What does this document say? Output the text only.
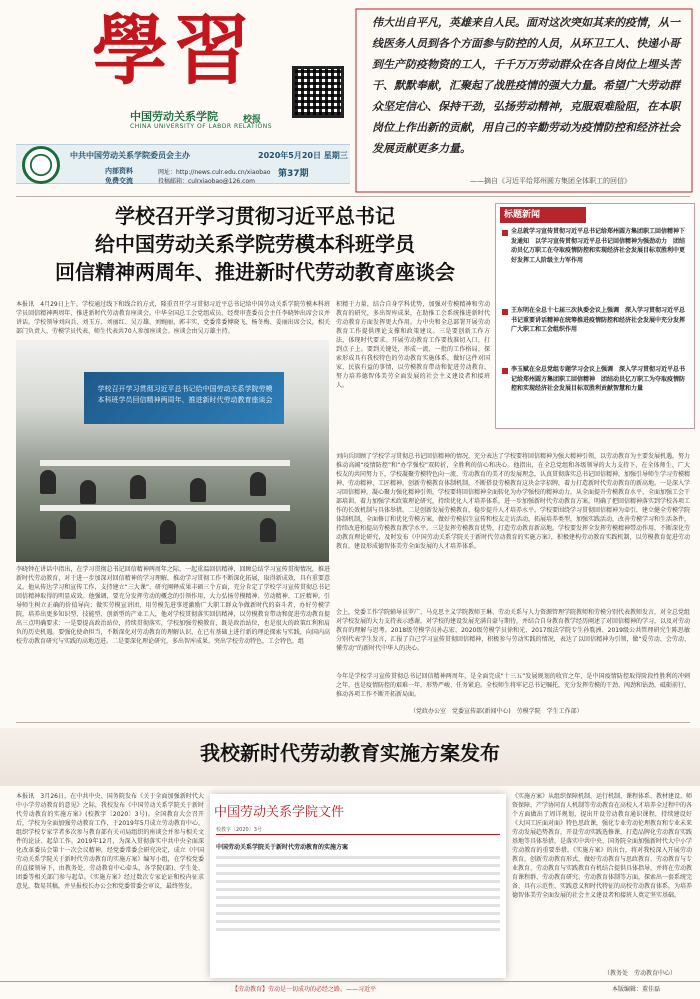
學習
中国劳动关系学院
CHINA UNIVERSITY OF LABOR RELATIONS
校报
伟大出自平凡，英雄来自人民。面对这次突如其来的疫情，从一线医务人员到各个方面参与防控的人员，从环卫工人、快递小哥到生产防疫物资的工人，千千万万劳动群众在各自岗位上埋头苦干、默默奉献，汇聚起了战胜疫情的强大力量。希望广大劳动群众坚定信心、保持干劲，弘扬劳动精神，克服艰难险阻，在本职岗位上作出新的贡献，用自己的辛勤劳动为疫情防控和经济社会发展贡献更多力量。
——摘自《习近平给郑州圆方集团全体职工的回信》
中共中国劳动关系学院委员会主办	2020年5月20日 星期三
内部资料
免费交流
网址：http://news.culr.edu.cn/xiaobao
投稿邮箱：culrxiaobao@126.com
第37期
学校召开学习贯彻习近平总书记
给中国劳动关系学院劳模本科班学员
回信精神两周年、推进新时代劳动教育座谈会
本报讯　4月29日上午，学校通过线下和线合的方式，隆重召开学习贯彻习近平总书记给中国劳动关系学院劳模本科班学员回信精神两周年、推进新时代劳动教育座谈会。中华全国总工会党组成员、经费审查委员会主任李晓钟出席会议并讲话。学校领导刘向兵、刘玉方、刘丽红、吴万雄、刘婉丽、郭丰实，党委常委傅晓飞、杨冬梅、姜丽出席会议，相关部门负责人、劳模学员代表、师生代表共70人参加座谈会。座谈会由吴万雄主持。
积精于力量，结合自身学科优势，加强对劳模精神和劳动教育的研究，多出智库成果，在助推工会系统推进新时代劳动教育方面发挥更大作用。力中央和全总部署开展劳动教育工作提供理论支撑和政策建议。三是要创新工作方法，体现时代要求。开展劳动教育工作要找准切入口，打到点子上。要到关键处，形成一流、一批的工作格局，探索形成具有我校特色的劳动教育实施体系，做好这件对国家、民族有益的事情，以劳模教育带动和促进劳动教育，努力培养德智体美劳全面发展的社会主义建设者和接班人。
学校召开学习贯彻习近平总书记给中国劳动关系学院劳模本科班学员回信精神两周年、推进新时代劳动教育座谈会
标题新闻
全总就学习宣传贯彻习近平总书记给郑州圆方集团职工回信精神下发通知　以学习宣传贯彻习近平总书记回信精神为强劲动力　团结动员亿万职工在夺取疫情防控和实现经济社会发展目标双胜利中更好发挥工人阶级主力军作用
王东明在全总十七届三次执委会议上强调　深入学习贯彻习近平总书记重要讲话精神在统筹推进疫情防控和经济社会发展中充分发挥广大职工和工会组织作用
李玉赋在全总党组专题学习会议上强调　深入学习贯彻习近平总书记给郑州圆方集团职工回信精神　团结动员亿万职工为夺取疫情防控和实现经济社会发展目标双胜利贡献智慧和力量
刘向兵回顾了学校学习贯彻总书记回信精神的情况，充分表达了学校要将回信精神为强大精神引领，以劳动教育为主要发展机遇，努力推动高阔“疫情防控”和“办学强校”双转折，全胜利的信心和决心。他指出，在全总党组和各级领导的大力支持下，在全体师生、广大校友的共同努力下，学校凝聚劳模特色向一流、劳动教育的美才的发展理念，认真贯彻落实总书记回信精神，加强引导师生学习劳模精神、劳动精神、工匠精神，创新劳模教育体制机制，不断搭设劳模教育这块金字招牌，着力打造新时代劳动教育的新高地。一是深入学习回信精神，凝心聚力强化精神引领，学校要将回信精神全面转化为办学强校的精神动力，从全面提升劳模教育水平、全面加强工会干部培训、着力加强学术政策理论研究，持续优化人才培养体系，进一步加强新时代劳动教育方案，明确了把回信精神落实到学校各项工作的长效机制与具体举措。二是创新发展劳模教育，稳步提升人才培养水平。学校要围绕学习贯彻回信精神为牵引，建立健全劳模学院体制机制，全面修订和优化劳模方案，做好劳模招生宣传和校友走访活动，拓展培养类型，加强实践活动，改善劳模学习和生活条件，持续改进和提高劳模教育教学水平。三是发挥劳模教育优势，打造劳动教育新高地。学校要发挥全发挥劳模精神带动作用，不断深化劳动教育理论研究，及时发布《中国劳动关系学院关于新时代劳动教育的实施方案》，积极建构劳动教育实践机制，以劳模教育促进劳动教育，建设形成德智体美劳全面发展的人才培养体系。
会上，党委工作学院辅导员罗广、马克思主义学院教师王琳、劳动关系与人力资源管理学院教师和劳模分别代表教师发言，对全总党组对学校发展的大力支持表示感谢，对学校的建设发展充满自豪与期待，并结合自身教育教学经历阐述了对回信精神的学习，以及对劳动教育的理解与思考。2018级劳模学员孙志宏、2020级劳模学员徐和光、2017级法学院专生孙胤洲、2019级公共管理研究生陈思敏分别代表学生发言，汇报了自己学习宣传贯彻回信精神，积极参与劳动实践的情况，表达了以回信精神为引领，做“爱劳动、会劳动、懂劳动”的新时代中华人的决心。
今年是学校学习宣传贯彻总书记回信精神两周年，是全面完成“十三五”发展规划的收官之年，是中国疫情防控取得阶段性胜利的冲刺之年，也是疫情防控的艰难一年，形势严峻、任务紧迫。全校师生将牢记总书记嘱托，充分发挥劳模的干劲、闯劲和钻劲，砥砺前行，推动各项工作不断开拓新局面。
李晓钟在讲话中指出，在学习贯彻总书记回信精神两周年之际，一起重温回信精神，回顾总结学习宣传贯彻情况，推进新时代劳动教育，对于进一步加深对回信精神的学习理解，推动学习贯彻工作不断深化拓展，取得新成效，具有重要意义。他从传达学习和宣传工作，支持建立“三大课”、研究阐释成果丰硕三个方面，充分肯定了学校学习宣传贯彻总书记回信精神取得的明显成效。他强调，要充分发挥劳动的概念的引领作用，大力弘扬劳模精神、劳动精神、工匠精神，引导师生树立正确的价值导向；做实劳模宣讲团，用劳模先进事迹激励广大职工群众争做新时代的奋斗者，办好劳模学院，培养出更多知识型、技能型、创新型的产业工人，他对学校贯彻落实回信精神，以劳模教育带动和促进劳动教育提出三点明确要求：一是要提高政治站位，持续贯彻落实，学校加强劳模教育，既是政治站位，也是很大的政策红利和肩负的历史机遇。要强化使命担当，不断深化对劳动教育的理解认识，在已有基础上进行新的理论探索与实践，向国内高校劳动教育研究与实践的高地迈进。二是要深化理论研究，多出智库成果。突出学校劳动特色，工会特色，组
（党政办公室　党委宣传部(新闻中心)　劳模学院　学生工作部）
我校新时代劳动教育实施方案发布
本报讯　3月26日，在中共中央、国务院发布《关于全面加强新时代大中小学劳动教育的意见》之际，我校发布《中国劳动关系学院关于新时代劳动教育的实施方案》(校教字〔2020〕3号)。全国教育大会召开后，学校为全面加强劳动教育工作，于2019年5月成立劳动教育中心，组织学校专家学者多次参与教育部有关司局组织的座谈会并参与相关文件的论证、起草工作。2019年12月，为深入贯彻落实中共中央全面深化改革委员会第十一次会议精神，经党委常委会研究决定，成立《中国劳动关系学院关于新时代劳动教育的实施方案》编写小组，在学校党委的直接领导下，由教务处、劳动教育中心牵头，各学院(部)、学生处、团委等相关部门参与起草。《实施方案》经过数次专家论证和校内征求意见，数易其稿，并呈报校长办公会和党委常委会审议，最终签发。
《实施方案》从组织保障机制、运行机制、课程体系、教材建设、师资保障、产学协同育人机制等劳动教育在高校人才培养全过程中的各个方面做出了周详规划，提出开设劳动教育通识课程，持续建设好《大国工匠面对面》特色思政课，强化专业劳动伦理教育和专业未来劳动发展趋势教育，开设劳动实践选修课，打造品牌化劳动教育实践基地等具体举措，是落实中共中央、国务院全面加强新时代大中小学劳动教育的重要举措。《实施方案》的出台，将对我校深入开展劳动教育，创新劳动教育形式，做好劳动教育与思政教育、劳动教育与专业教育、劳动教育与实践教育有机结合提供具体指导，并将在劳动教育课程群、劳动教育研究、劳动教育体制等方面，探索出一套系统完备、具有示范性、实践意义和时代特征的高校劳动教育体系，为培养德智体美劳全面发展的社会主义建设者和接班人奠定坚实基础。
（教务处　劳动教育中心）
中国劳动关系学院文件
校教字〔2020〕3号
中国劳动关系学院关于新时代劳动教育的实施方案
【劳动教育】劳动是一切成功的必经之路。——习近平	本版编辑：董佳磊
